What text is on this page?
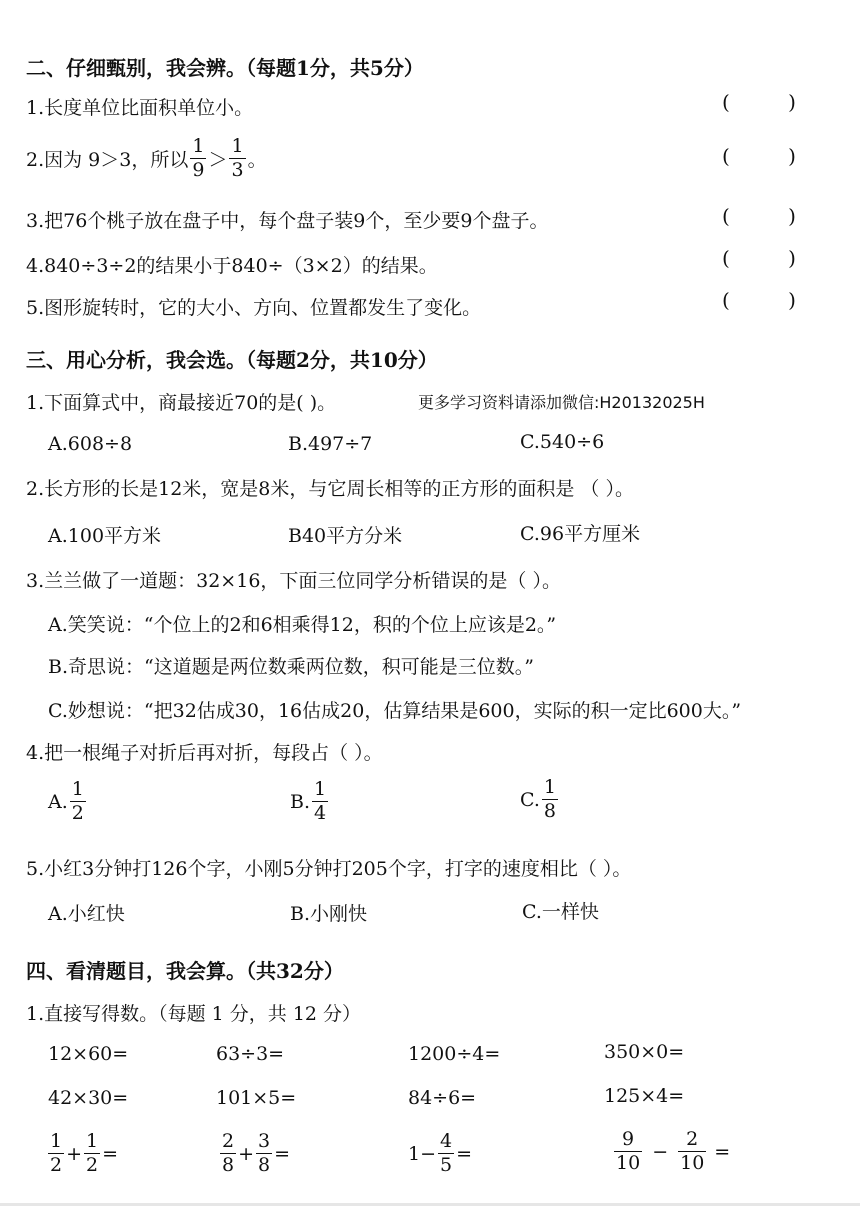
二、仔细甄别，我会辨。（每题1分，共5分）
1.长度单位比面积单位小。	( )
2.因为 9＞3，所以 $\frac{1}{9} > \frac{1}{3}$ 。	( )
3.把76个桃子放在盘子中，每个盘子装9个，至少要9个盘子。	( )
4.840÷3÷2的结果小于840÷（3×2）的结果。	( )
5.图形旋转时，它的大小、方向、位置都发生了变化。	( )
三、用心分析，我会选。（每题2分，共10分）
1.下面算式中，商最接近70的是( )。	更多学习资料请添加微信:H20132025H
A.608÷8	B.497÷7	C.540÷6
2.长方形的长是12米，宽是8米，与它周长相等的正方形的面积是 （ ）。
A.100平方米	B40平方分米	C.96平方厘米
3.兰兰做了一道题：32×16，下面三位同学分析错误的是（ ）。
A.笑笑说：“个位上的2和6相乘得12，积的个位上应该是2。”
B.奇思说：“这道题是两位数乘两位数，积可能是三位数。”
C.妙想说：“把32估成30，16估成20，估算结果是600，实际的积一定比600大。”
4.把一根绳子对折后再对折，每段占（ ）。
A. $\frac{1}{2}$	B. $\frac{1}{4}$	C. $\frac{1}{8}$
5.小红3分钟打126个字，小刚5分钟打205个字，打字的速度相比（ ）。
A.小红快	B.小刚快	C.一样快
四、看清题目，我会算。（共32分）
1.直接写得数。（每题 1 分，共 12 分）
12×60=	63÷3=	1200÷4=	350×0=
42×30=	101×5=	84÷6=	125×4=
$\frac{1}{2} + \frac{1}{2}$ =	$\frac{2}{8} + \frac{3}{8}$ =	$1- \frac{4}{5}$ =	$\frac{9}{10} - \frac{2}{10}$ =
